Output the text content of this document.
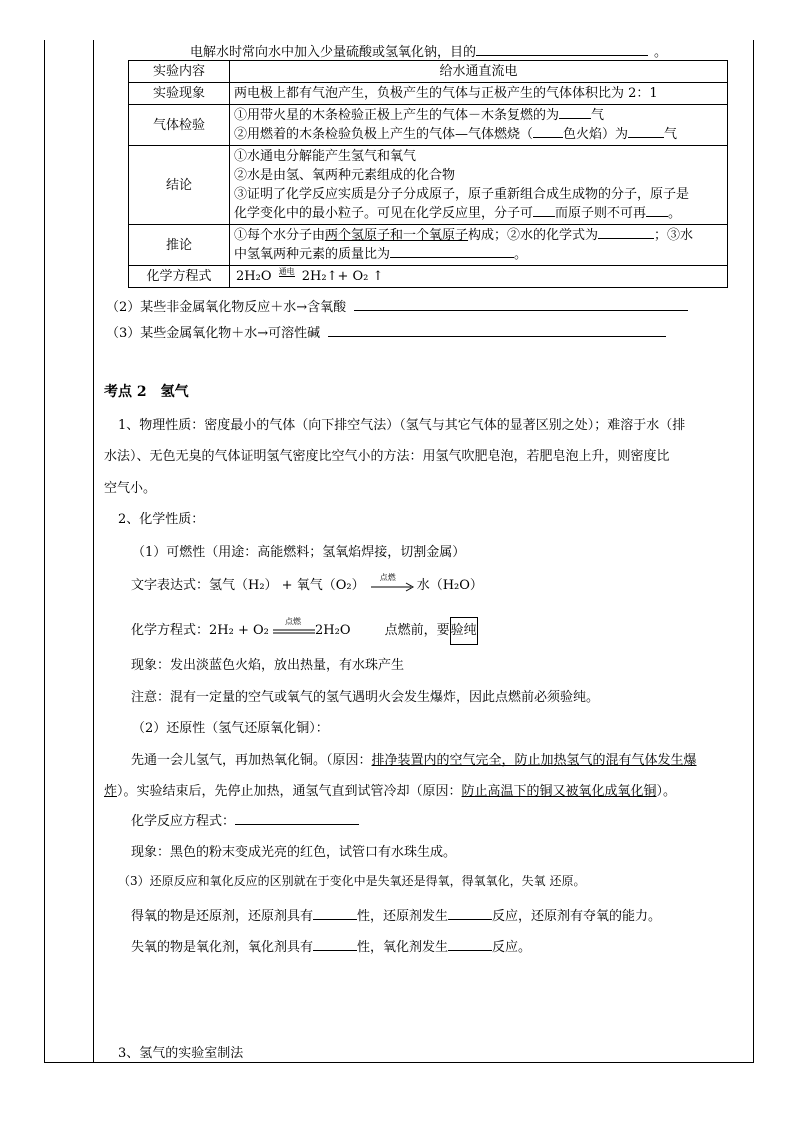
电解水时常向水中加入少量硫酸或氢氧化钠，目的	。
实验内容	给水通直流电
实验现象	两电极上都有气泡产生，负极产生的气体与正极产生的气体体积比为 2：1
气体检验	①用带火星的木条检验正极上产生的气体－木条复燃的为 气
②用燃着的木条检验负极上产生的气体—气体燃烧（ 色火焰）为 气

结论	①水通电分解能产生氢气和氧气
②水是由氢、氧两种元素组成的化合物
③证明了化学反应实质是分子分成原子，原子重新组合成生成物的分子，原子是
化学变化中的最小粒子。可见在化学反应里，分子可 而原子则不可再 。

推论	①每个水分子由两个氢原子和一个氧原子构成；②水的化学式为 ；③水
中氢氧两种元素的质量比为 。

化学方程式	2H₂O 通电 2H₂↑+ O₂ ↑
（2）某些非金属氧化物反应＋水→含氧酸
（3）某些金属氧化物＋水→可溶性碱
考点 2　氢气
1、物理性质：密度最小的气体（向下排空气法）（氢气与其它气体的显著区别之处）；难溶于水（排
水法）、无色无臭的气体证明氢气密度比空气小的方法：用氢气吹肥皂泡，若肥皂泡上升，则密度比
空气小。
2、化学性质：
（1）可燃性（用途：高能燃料；氢氧焰焊接，切割金属）
文字表达式：氢气（H₂） + 氧气（O₂）
点燃
水（H₂O）
化学方程式：2H₂ + O₂
点燃
2H₂O	点燃前，要验纯
现象：发出淡蓝色火焰，放出热量，有水珠产生
注意：混有一定量的空气或氧气的氢气遇明火会发生爆炸，因此点燃前必须验纯。
（2）还原性（氢气还原氧化铜）：
先通一会儿氢气，再加热氧化铜。（原因：排净装置内的空气完全，防止加热氢气的混有气体发生爆
炸）。实验结束后，先停止加热，通氢气直到试管冷却（原因：防止高温下的铜又被氧化成氧化铜）。
化学反应方程式：
现象：黑色的粉末变成光亮的红色，试管口有水珠生成。
（3）还原反应和氧化反应的区别就在于变化中是失氧还是得氧，得氧氧化，失氧 还原。
得氧的物是还原剂，还原剂具有	性，还原剂发生	反应，还原剂有夺氧的能力。
失氧的物是氧化剂，氧化剂具有	性，氧化剂发生	反应。
3、氢气的实验室制法
